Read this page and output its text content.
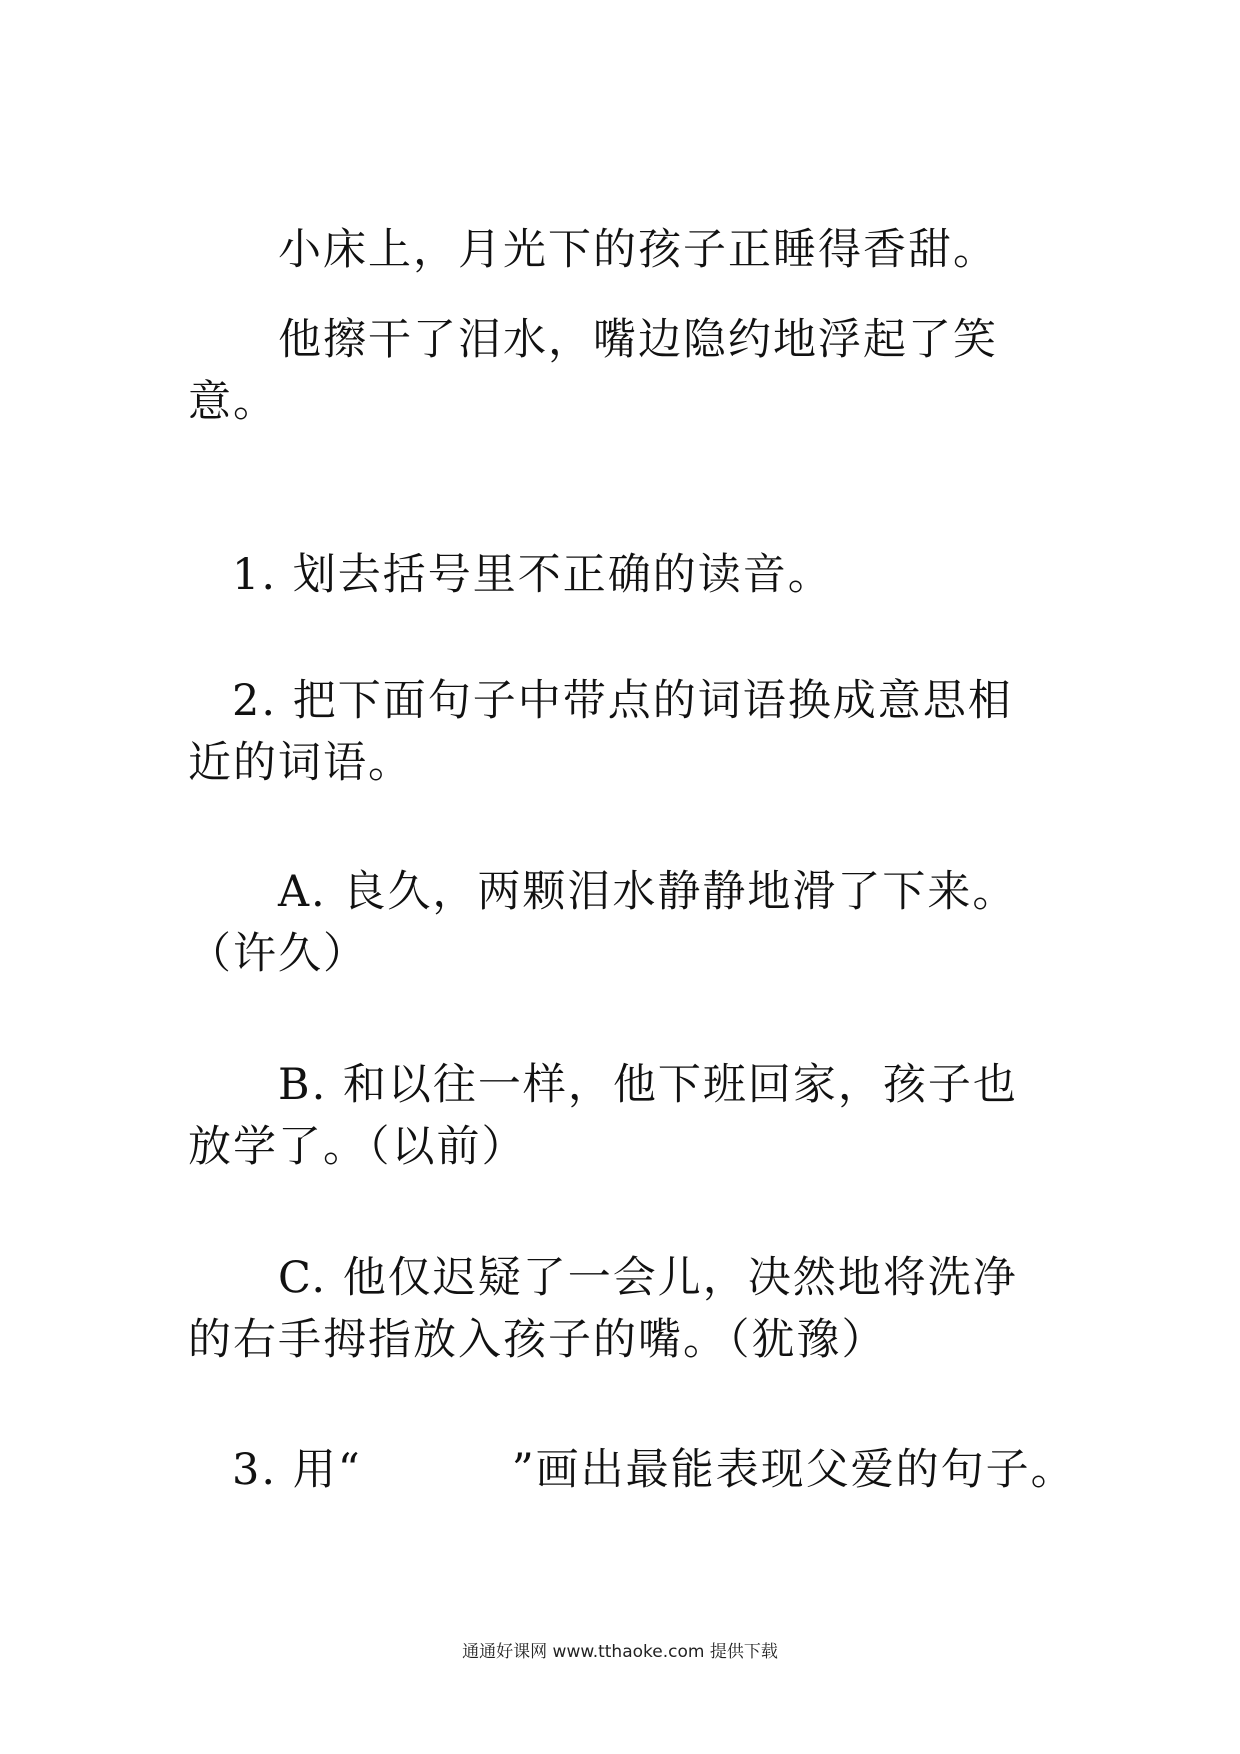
小床上，月光下的孩子正睡得香甜。
他擦干了泪水，嘴边隐约地浮起了笑
意。
1. 划去括号里不正确的读音。
2. 把下面句子中带点的词语换成意思相
近的词语。
A. 良久，两颗泪水静静地滑了下来。
（许久）
B. 和以往一样，他下班回家，孩子也
放学了。（以前）
C. 他仅迟疑了一会儿，决然地将洗净
的右手拇指放入孩子的嘴。（犹豫）
3. 用“	”画出最能表现父爱的句子。
通通好课网 www.tthaoke.com 提供下载
